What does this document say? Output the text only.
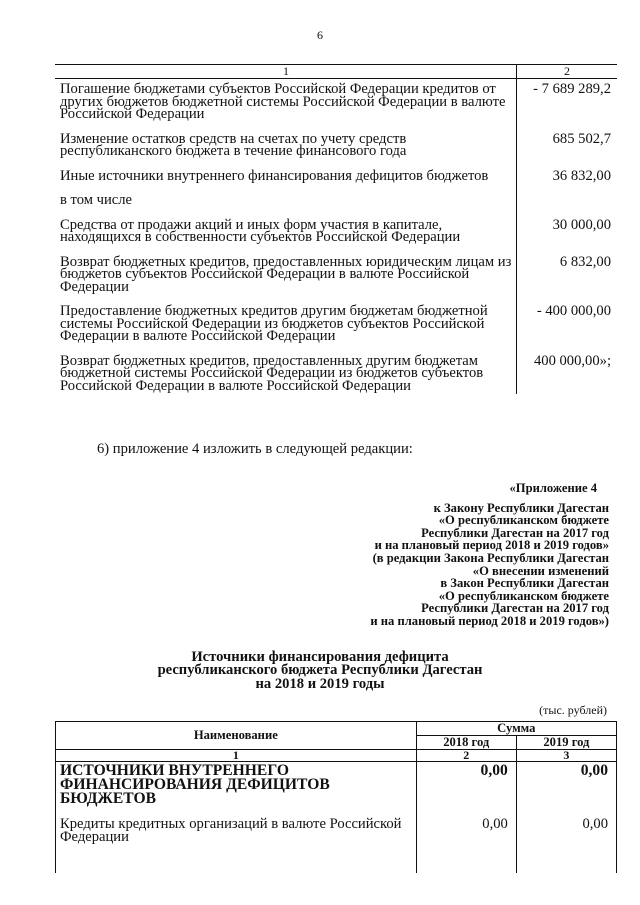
6
1	2
Погашение бюджетами субъектов Российской Федерации кредитов от других бюджетов бюджетной системы Российской Федерации в валюте Российской Федерации	- 7 689 289,2
Изменение остатков средств на счетах по учету средств республиканского бюджета в течение финансового года	685 502,7
Иные источники внутреннего финансирования дефицитов бюджетов	36 832,00
в том числе	
Средства от продажи акций и иных форм участия в капитале, находящихся в собственности субъектов Российской Федерации	30 000,00
Возврат бюджетных кредитов, предоставленных юридическим лицам из бюджетов субъектов Российской Федерации в валюте Российской Федерации	6 832,00
Предоставление бюджетных кредитов другим бюджетам бюджетной системы Российской Федерации из бюджетов субъектов Российской Федерации в валюте Российской Федерации	- 400 000,00
Возврат бюджетных кредитов, предоставленных другим бюджетам бюджетной системы Российской Федерации из бюджетов субъектов Российской Федерации в валюте Российской Федерации	400 000,00»;
6) приложение 4 изложить в следующей редакции:
«Приложение 4
к Закону Республики Дагестан
«О республиканском бюджете
Республики Дагестан на 2017 год
и на плановый период 2018 и 2019 годов»
(в редакции Закона Республики Дагестан
«О внесении изменений
в Закон Республики Дагестан
«О республиканском бюджете
Республики Дагестан на 2017 год
и на плановый период 2018 и 2019 годов»)
Источники финансирования дефицита
республиканского бюджета Республики Дагестан
на 2018 и 2019 годы
(тыс. рублей)
Наименование	Сумма	
	2018 год	2019 год
1	2	3
ИСТОЧНИКИ ВНУТРЕННЕГО ФИНАНСИРОВАНИЯ ДЕФИЦИТОВ БЮДЖЕТОВ	0,00	0,00
Кредиты кредитных организаций в валюте Российской Федерации	0,00	0,00
